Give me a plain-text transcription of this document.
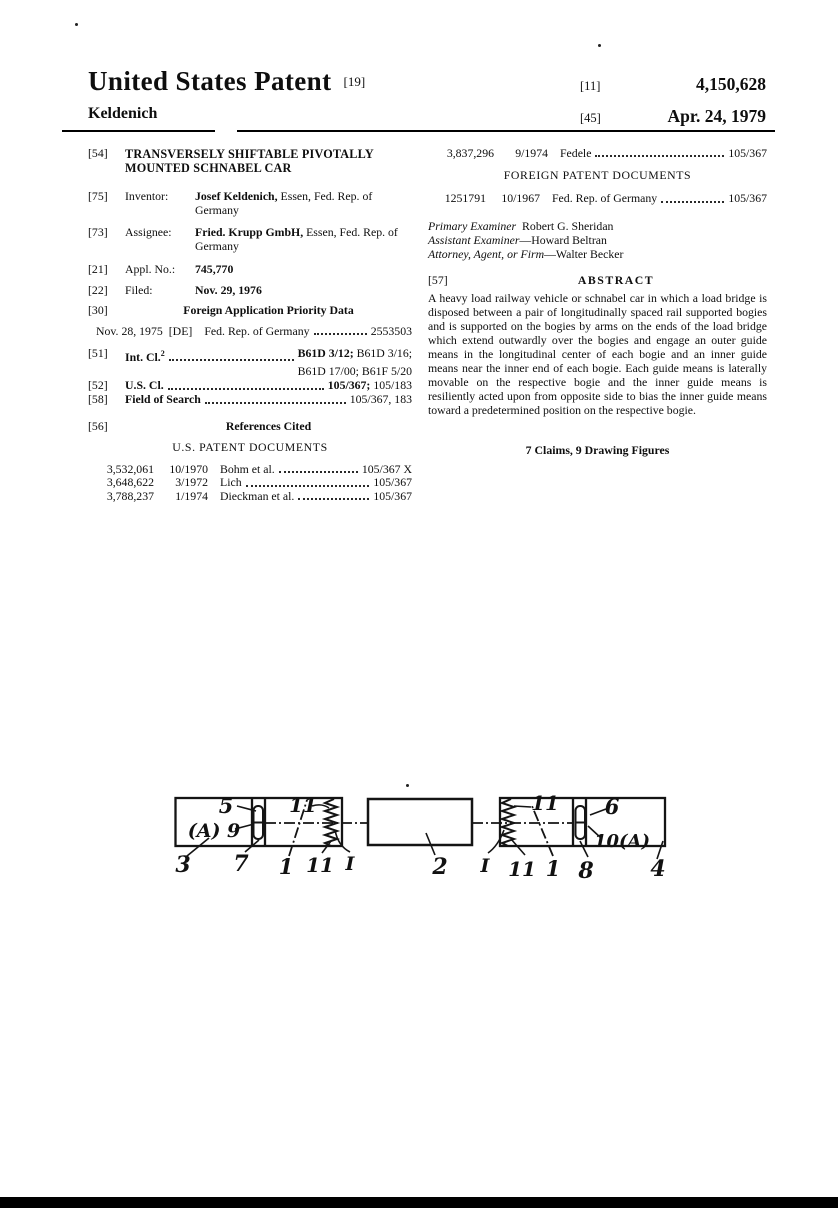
United States Patent [19]
Keldenich
[11]	4,150,628
[45]	Apr. 24, 1979
[54]	TRANSVERSELY SHIFTABLE PIVOTALLY MOUNTED SCHNABEL CAR
[75]	Inventor:	Josef Keldenich, Essen, Fed. Rep. of Germany
[73]	Assignee:	Fried. Krupp GmbH, Essen, Fed. Rep. of Germany
[21]	Appl. No.:	745,770
[22]	Filed:	Nov. 29, 1976
[30]	Foreign Application Priority Data
Nov. 28, 1975 [DE] Fed. Rep. of Germany	2553503
[51]	Int. Cl.$^2$	B61D 3/12; B61D 3/16;
B61D 17/00; B61F 5/20
[52]	U.S. Cl.	105/367; 105/183
[58]	Field of Search	105/367, 183
[56]	References Cited
U.S. PATENT DOCUMENTS
3,532,061	10/1970 Bohm et al.	105/367 X
3,648,622	3/1972 Lich	105/367
3,788,237	1/1974 Dieckman et al.	105/367
3,837,296	9/1974 Fedele	105/367
FOREIGN PATENT DOCUMENTS
1251791	10/1967 Fed. Rep. of Germany	105/367
Primary Examiner Robert G. Sheridan
Assistant Examiner—Howard Beltran
Attorney, Agent, or Firm—Walter Becker
[57]	ABSTRACT

A heavy load railway vehicle or schnabel car in which a load bridge is disposed between a pair of longitudinally spaced rail supported bogies and is supported on the bogies by arms on the ends of the load bridge which extend outwardly over the bogies and engage an outer guide means in the longitudinal center of each bogie and an inner guide means near the inner end of each bogie. Each guide means is laterally movable on the respective bogie and the inner guide means is resiliently acted upon from opposite side to bias the inner guide means toward a predetermined position on the respective bogie.

7 Claims, 9 Drawing Figures
5
(A) 9
11
3 7 1 11 I	2 I 11 1 8
11 6
10(A)
4
